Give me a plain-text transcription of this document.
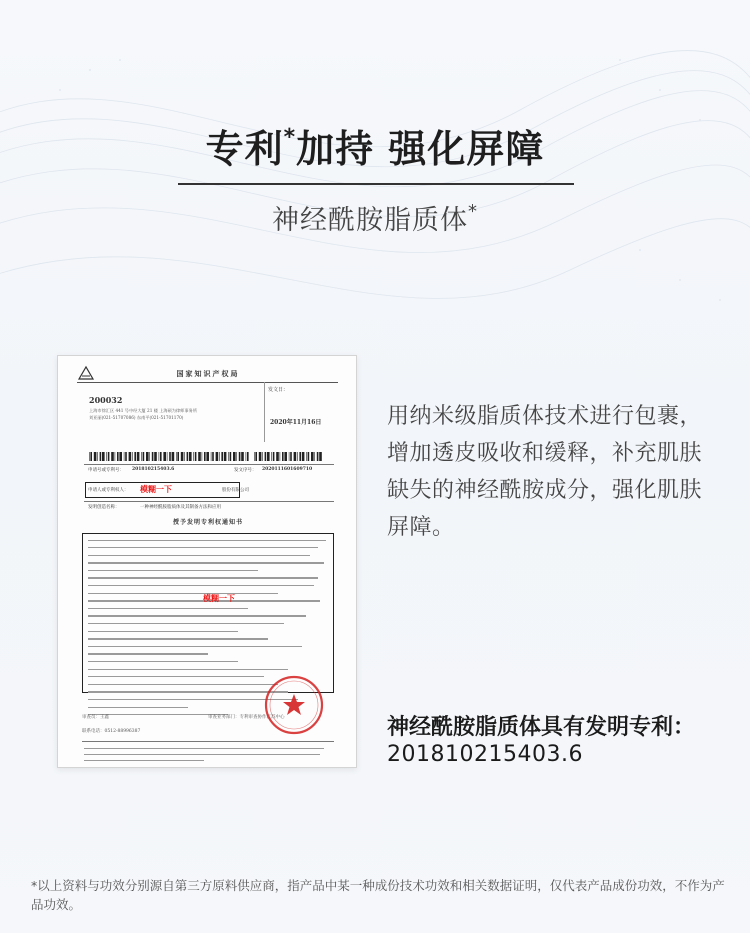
专利*加持 强化屏障
神经酰胺脂质体*
国家知识产权局
发文日：
200032
上海市徐汇区 441 号中经大厦 21 楼 上海硕为律师事务所
刘亚丽(021-51707086) 东南平(021-51701170)
2020年11月16日
申请号或专利号： 201810215403.6	发文序号： 2020111601609710
申请人或专利权人：	股份有限公司
模糊一下
发明创造名称：	一种神经酰胺脂质体及其制备方法和应用
授予发明专利权通知书
模糊一下
审查员：王鑫	审查业务部门：专利审查协作江苏中心
联系电话：0512-88996387
用纳米级脂质体技术进行包裹，增加透皮吸收和缓释，补充肌肤缺失的神经酰胺成分，强化肌肤屏障。
神经酰胺脂质体具有发明专利：
201810215403.6
*以上资料与功效分别源自第三方原料供应商，指产品中某一种成份技术功效和相关数据证明，仅代表产品成份功效，不作为产品功效。
